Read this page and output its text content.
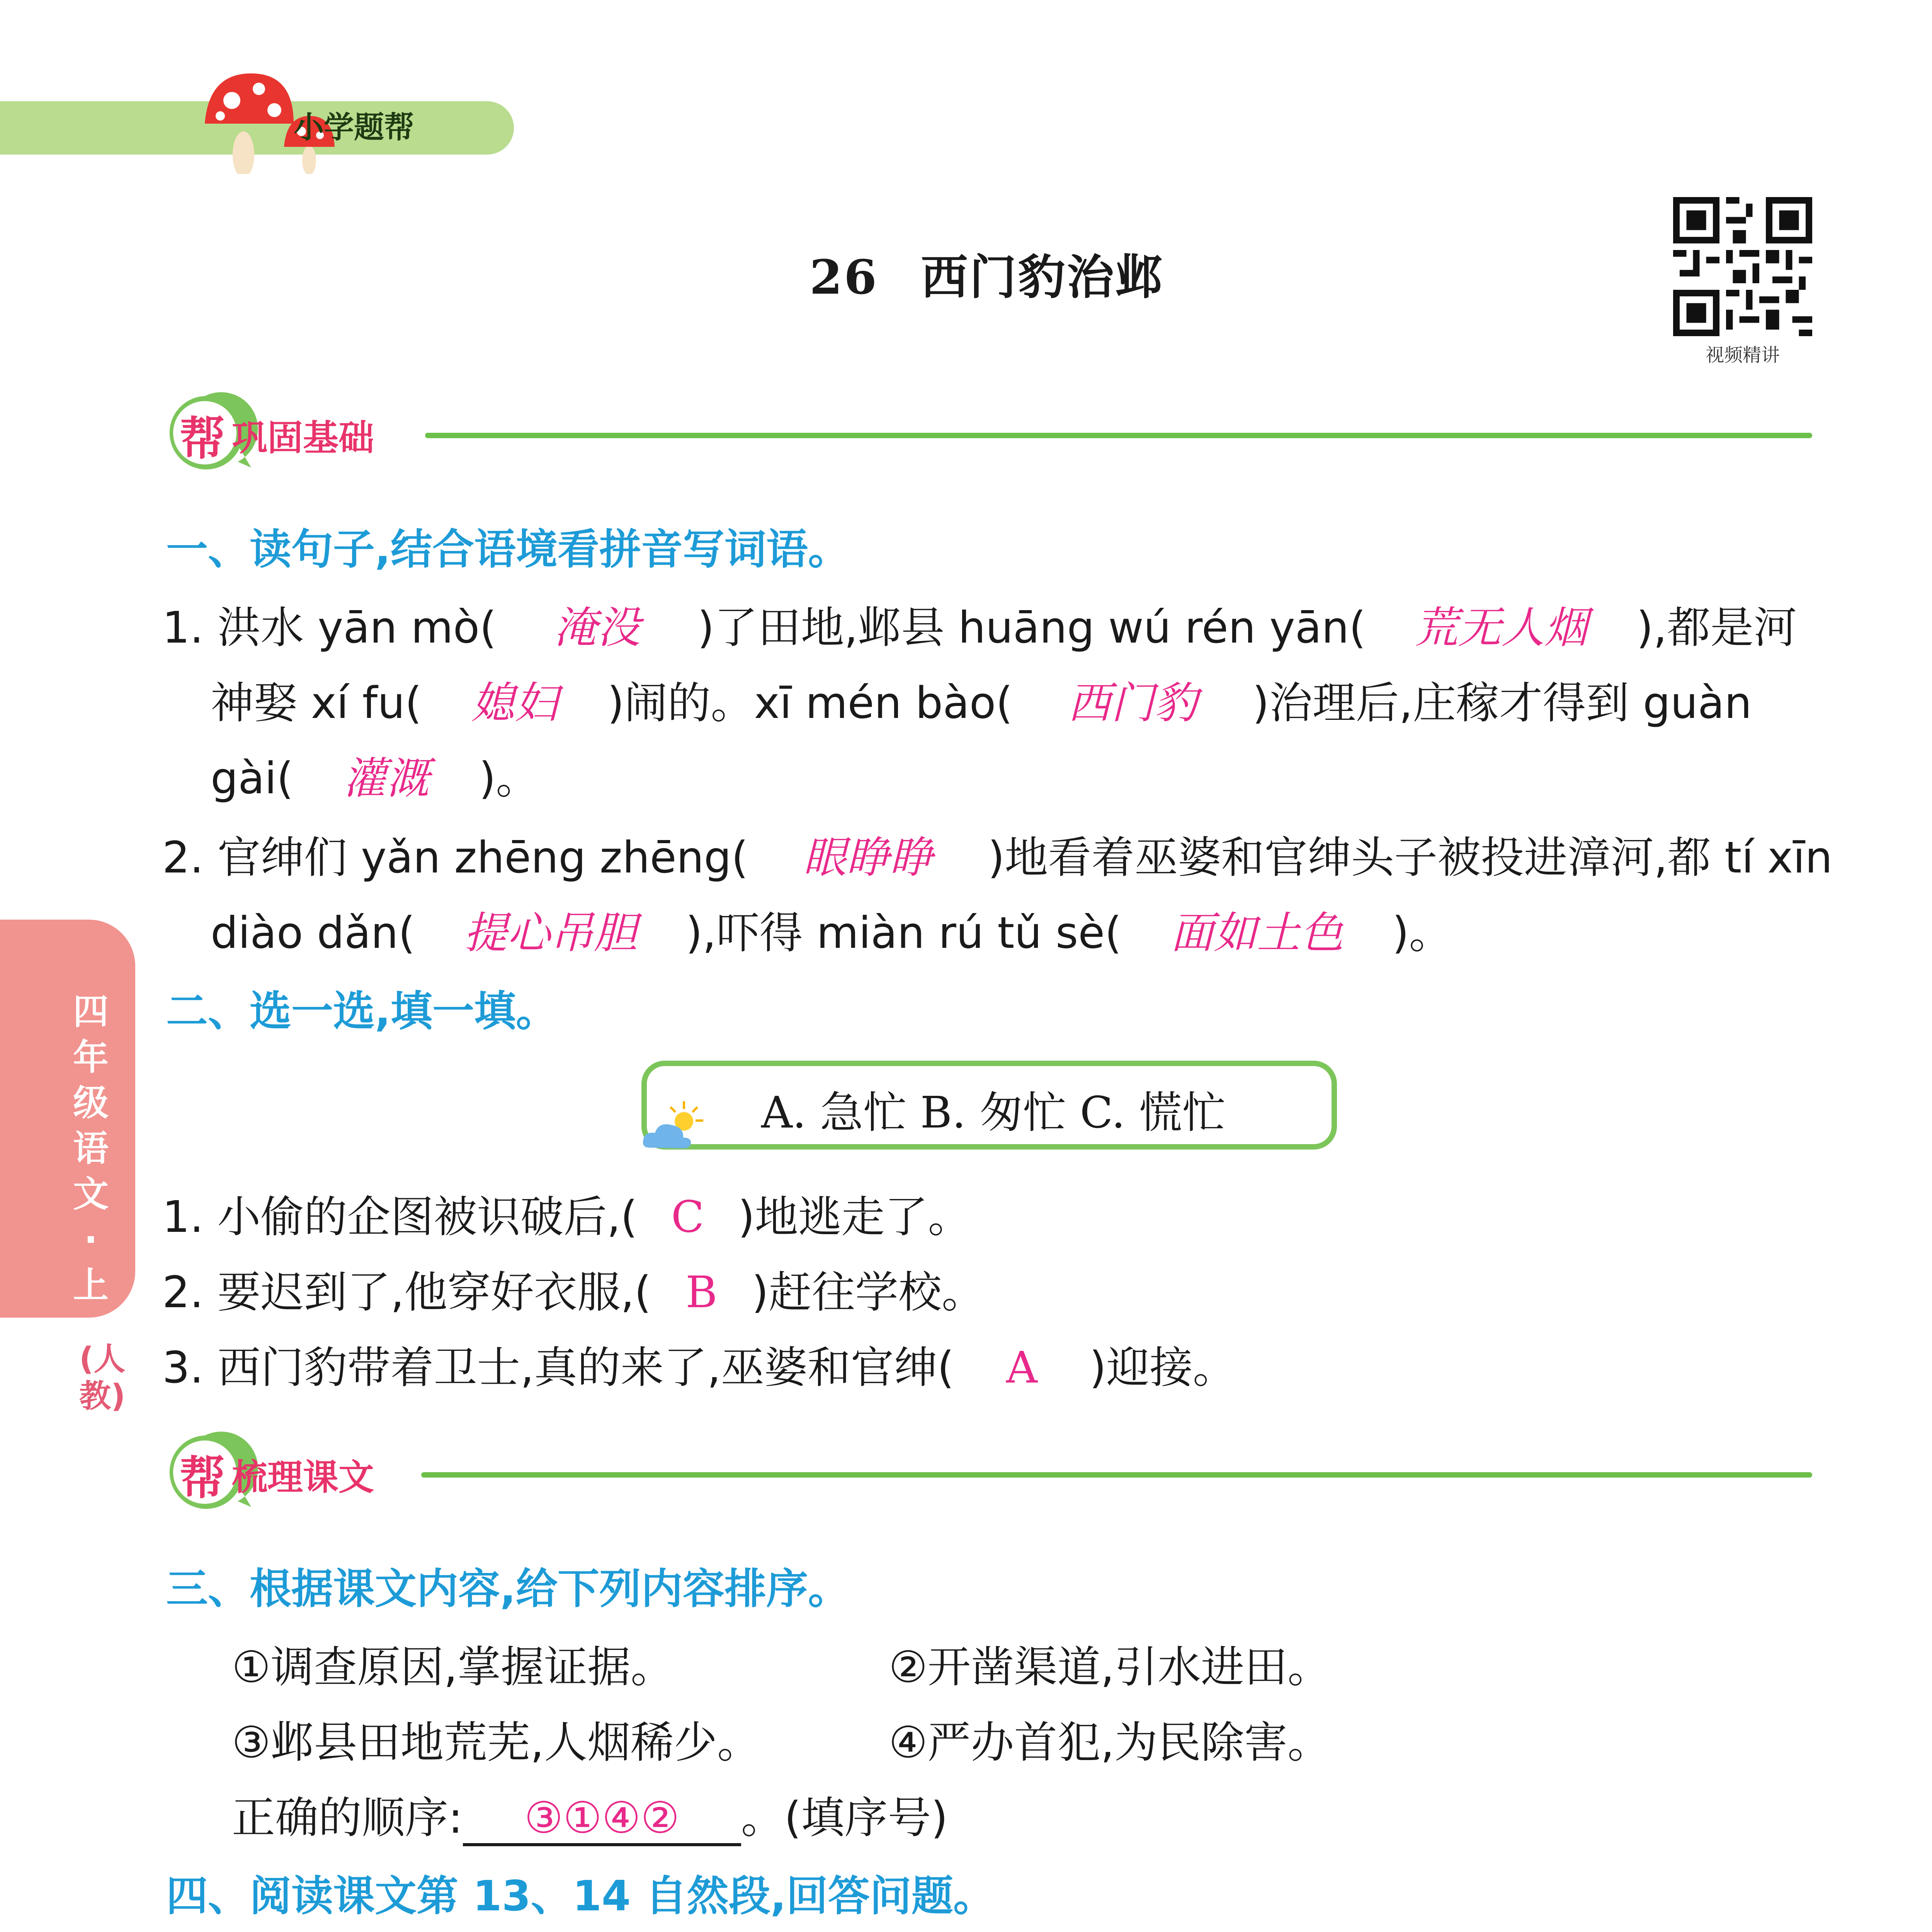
小学题帮
26 西门豹治邺
视频精讲
四年级语文·上
(人教)
帮 巩固基础
一、读句子,结合语境看拼音写词语。
1. 洪水 yān mò( 淹没 )了田地,邺县 huāng wú rén yān( 荒无人烟 ),都是河
神娶 xí fu( 媳妇 )闹的。xī mén bào( 西门豹 )治理后,庄稼才得到 guàn
gài( 灌溉 )。
2. 官绅们 yǎn zhēng zhēng( 眼睁睁 )地看着巫婆和官绅头子被投进漳河,都 tí xīn
diào dǎn( 提心吊胆 ),吓得 miàn rú tǔ sè( 面如土色 )。
二、选一选,填一填。
A. 急忙 B. 匆忙 C. 慌忙
1. 小偷的企图被识破后,( C )地逃走了。
2. 要迟到了,他穿好衣服,( B )赶往学校。
3. 西门豹带着卫士,真的来了,巫婆和官绅( A )迎接。
帮 梳理课文
三、根据课文内容,给下列内容排序。
①调查原因,掌握证据。	②开凿渠道,引水进田。
③邺县田地荒芜,人烟稀少。	④严办首犯,为民除害。
正确的顺序: ③①④② 。(填序号)
四、阅读课文第 13、14 自然段,回答问题。
